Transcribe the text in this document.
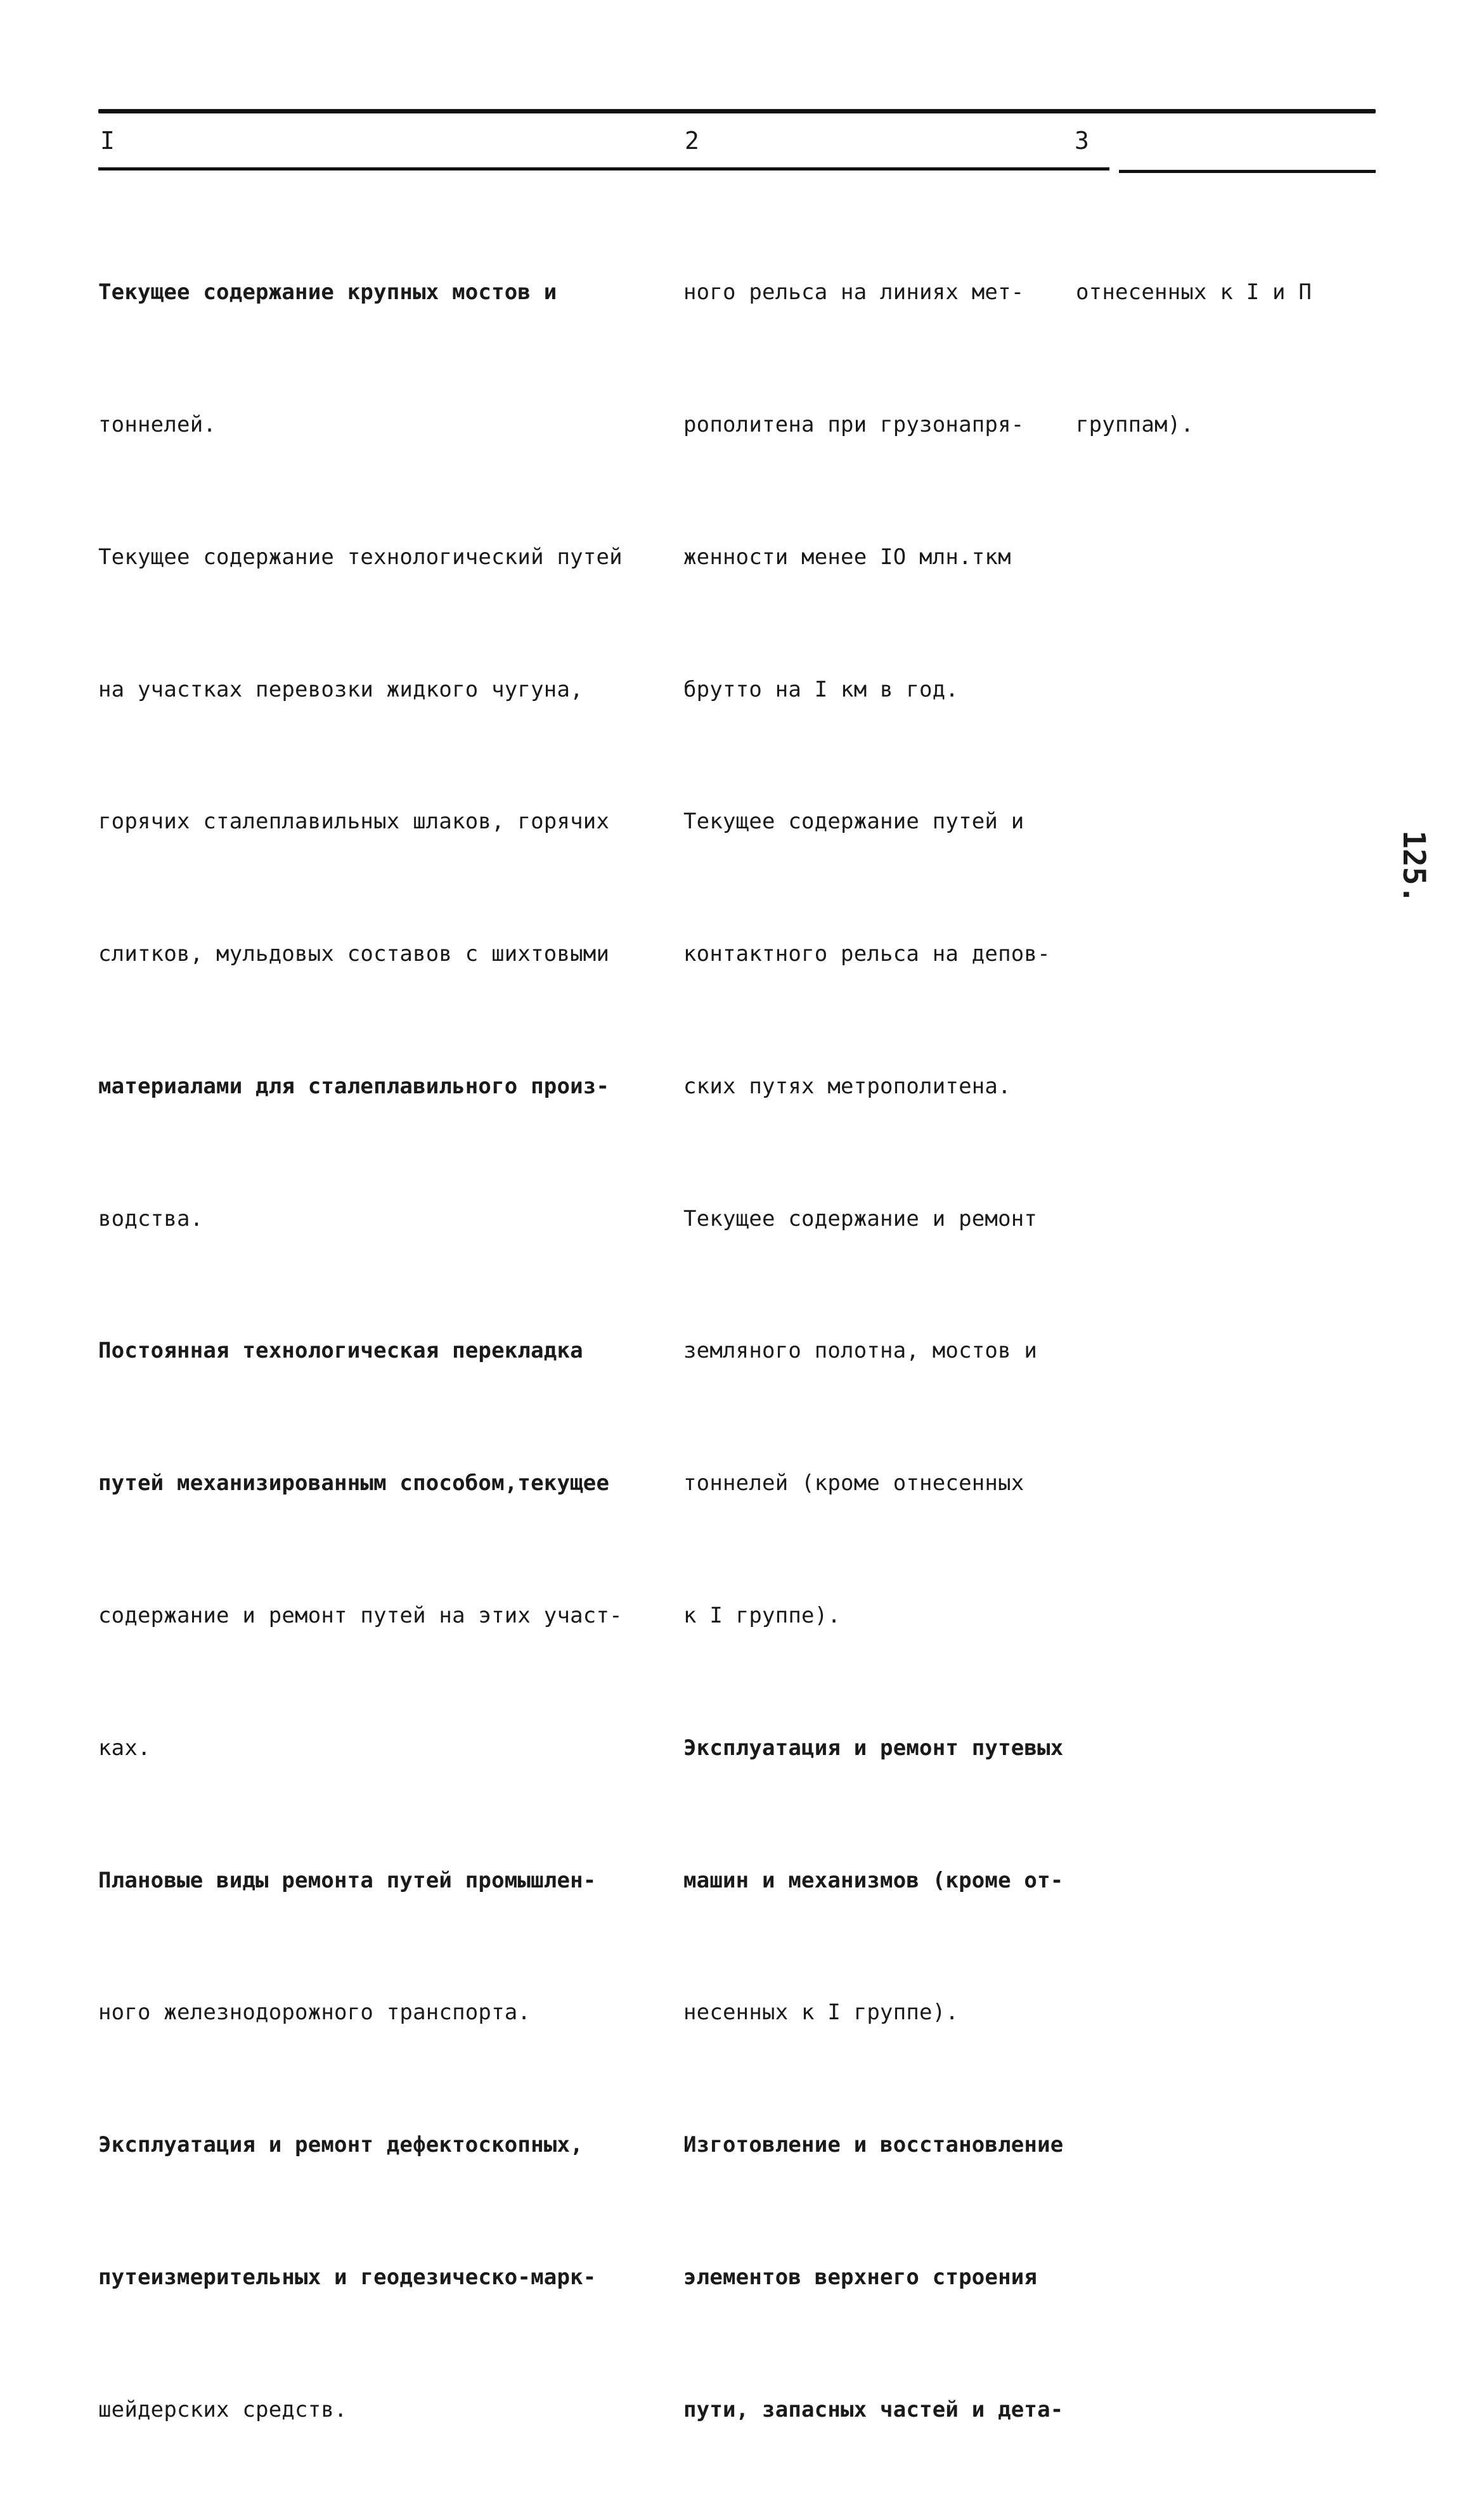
I	2	3

Текущее содержание крупных мостов и

тоннелей.

Текущее содержание технологический путей

на участках перевозки жидкого чугуна,

горячих сталеплавильных шлаков, горячих

слитков, мульдовых составов с шихтовыми

материалами для сталеплавильного произ-

водства.

Постоянная технологическая перекладка

путей механизированным способом,текущее

содержание и ремонт путей на этих участ-

ках.

Плановые виды ремонта путей промышлен-

ного железнодорожного транспорта.

Эксплуатация и ремонт дефектоскопных,

путеизмерительных и геодезическо-марк-

шейдерских средств.

ного рельса на линиях мет-

рополитена при грузонапря-

женности менее IO млн.ткм

брутто на I км в год.

Текущее содержание путей и

контактного рельса на депов-

ских путях метрополитена.

Текущее содержание и ремонт

земляного полотна, мостов и

тоннелей (кроме отнесенных

к I группе).

Эксплуатация и ремонт путевых

машин и механизмов (кроме от-

несенных к I группе).

Изготовление и восстановление

элементов верхнего строения

пути, запасных частей и дета-

отнесенных к I и П

группам).

125.
